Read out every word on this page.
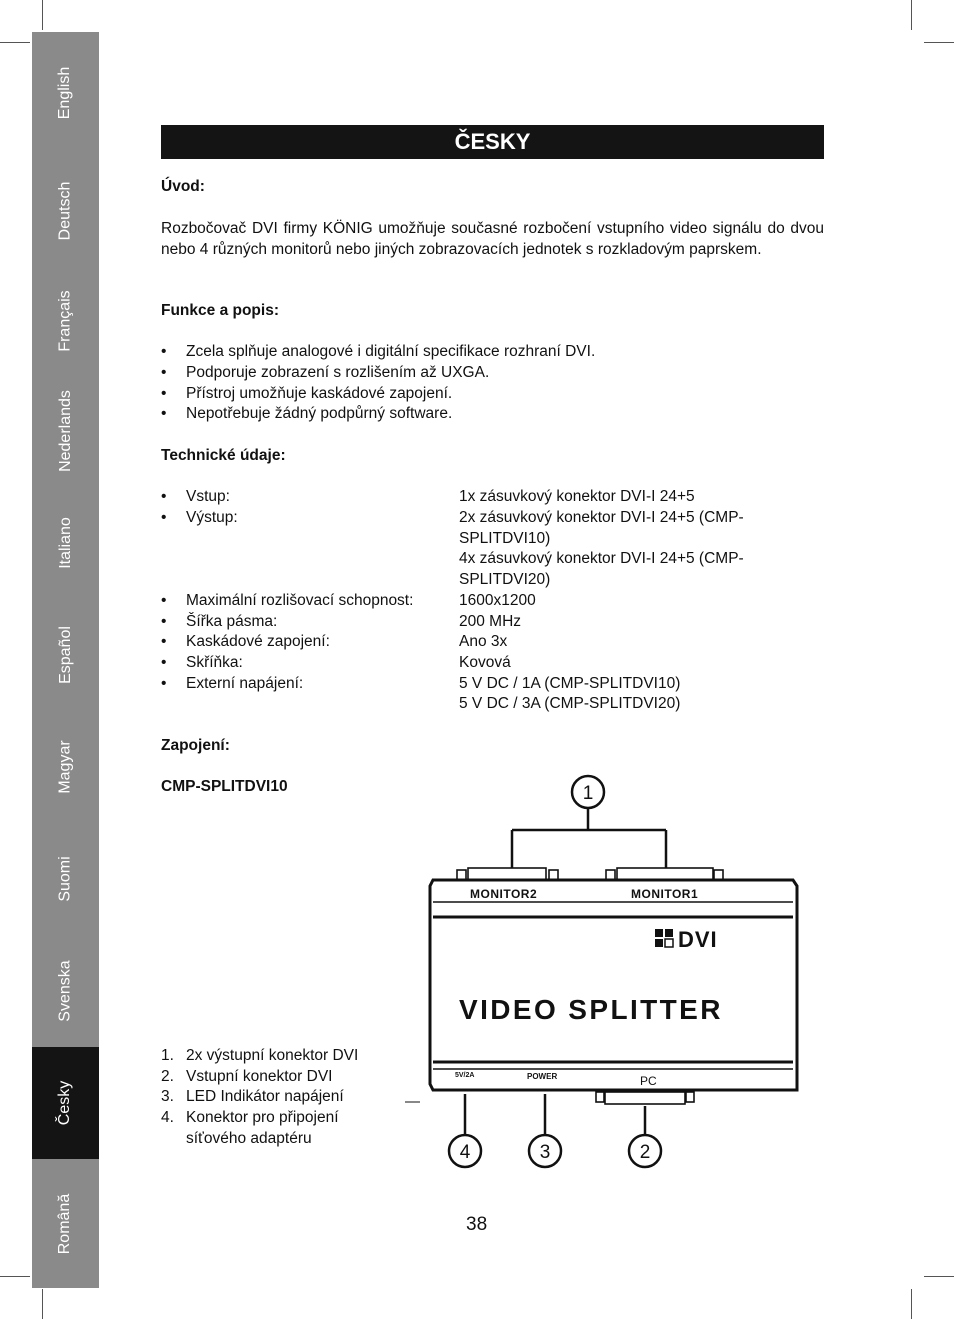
English
Deutsch
Français
Nederlands
Italiano
Español
Magyar
Suomi
Svenska
Česky
Română
ČESKY
Úvod:
Rozbočovač DVI firmy KÖNIG umožňuje současné rozbočení vstupního video signálu do dvou nebo 4 různých monitorů nebo jiných zobrazovacích jednotek s rozkladovým paprskem.
Funkce a popis:
• Zcela splňuje analogové i digitální specifikace rozhraní DVI.
• Podporuje zobrazení s rozlišením až UXGA.
• Přístroj umožňuje kaskádové zapojení.
• Nepotřebuje žádný podpůrný software.
Technické údaje:
• Vstup:	1x zásuvkový konektor DVI-I 24+5
• Výstup:	2x zásuvkový konektor DVI-I 24+5 (CMP-SPLITDVI10)
4x zásuvkový konektor DVI-I 24+5 (CMP-SPLITDVI20)
• Maximální rozlišovací schopnost:	1600x1200
• Šířka pásma:	200 MHz
• Kaskádové zapojení:	Ano 3x
• Skříňka:	Kovová
• Externí napájení:	5 V DC / 1A (CMP-SPLITDVI10)
5 V DC / 3A (CMP-SPLITDVI20)
Zapojení:
CMP-SPLITDVI10
1. 2x výstupní konektor DVI
2. Vstupní konektor DVI
3. LED Indikátor napájení
4. Konektor pro připojení
síťového adaptéru
MONITOR2	MONITOR1
DVI
VIDEO SPLITTER
5V/2A	POWER	PC
1
2
3
4
38
